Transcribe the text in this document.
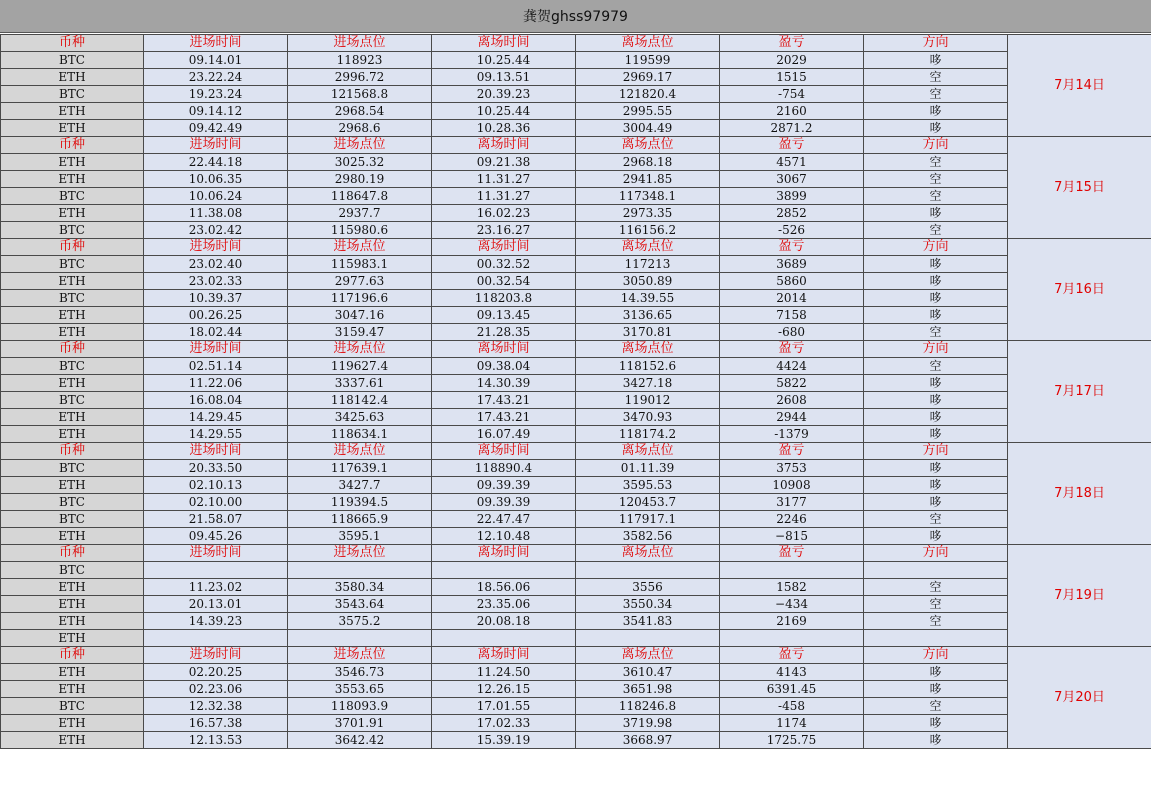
龚贺ghss97979
币种	进场时间	进场点位	离场时间	离场点位	盈亏	方向	7月14日
BTC	09.14.01	118923	10.25.44	119599	2029	哆	
ETH	23.22.24	2996.72	09.13.51	2969.17	1515	空	
BTC	19.23.24	121568.8	20.39.23	121820.4	-754	空	
ETH	09.14.12	2968.54	10.25.44	2995.55	2160	哆	
ETH	09.42.49	2968.6	10.28.36	3004.49	2871.2	哆	
币种	进场时间	进场点位	离场时间	离场点位	盈亏	方向	7月15日
ETH	22.44.18	3025.32	09.21.38	2968.18	4571	空	
ETH	10.06.35	2980.19	11.31.27	2941.85	3067	空	
BTC	10.06.24	118647.8	11.31.27	117348.1	3899	空	
ETH	11.38.08	2937.7	16.02.23	2973.35	2852	哆	
BTC	23.02.42	115980.6	23.16.27	116156.2	-526	空	
币种	进场时间	进场点位	离场时间	离场点位	盈亏	方向	7月16日
BTC	23.02.40	115983.1	00.32.52	117213	3689	哆	
ETH	23.02.33	2977.63	00.32.54	3050.89	5860	哆	
BTC	10.39.37	117196.6	118203.8	14.39.55	2014	哆	
ETH	00.26.25	3047.16	09.13.45	3136.65	7158	哆	
ETH	18.02.44	3159.47	21.28.35	3170.81	-680	空	
币种	进场时间	进场点位	离场时间	离场点位	盈亏	方向	7月17日
BTC	02.51.14	119627.4	09.38.04	118152.6	4424	空	
ETH	11.22.06	3337.61	14.30.39	3427.18	5822	哆	
BTC	16.08.04	118142.4	17.43.21	119012	2608	哆	
ETH	14.29.45	3425.63	17.43.21	3470.93	2944	哆	
ETH	14.29.55	118634.1	16.07.49	118174.2	-1379	哆	
币种	进场时间	进场点位	离场时间	离场点位	盈亏	方向	7月18日
BTC	20.33.50	117639.1	118890.4	01.11.39	3753	哆	
ETH	02.10.13	3427.7	09.39.39	3595.53	10908	哆	
BTC	02.10.00	119394.5	09.39.39	120453.7	3177	哆	
BTC	21.58.07	118665.9	22.47.47	117917.1	2246	空	
ETH	09.45.26	3595.1	12.10.48	3582.56	−815	哆	
币种	进场时间	进场点位	离场时间	离场点位	盈亏	方向	7月19日
BTC							
ETH	11.23.02	3580.34	18.56.06	3556	1582	空	
ETH	20.13.01	3543.64	23.35.06	3550.34	−434	空	
ETH	14.39.23	3575.2	20.08.18	3541.83	2169	空	
ETH							
币种	进场时间	进场点位	离场时间	离场点位	盈亏	方向	7月20日
ETH	02.20.25	3546.73	11.24.50	3610.47	4143	哆	
ETH	02.23.06	3553.65	12.26.15	3651.98	6391.45	哆	
BTC	12.32.38	118093.9	17.01.55	118246.8	-458	空	
ETH	16.57.38	3701.91	17.02.33	3719.98	1174	哆	
ETH	12.13.53	3642.42	15.39.19	3668.97	1725.75	哆	
